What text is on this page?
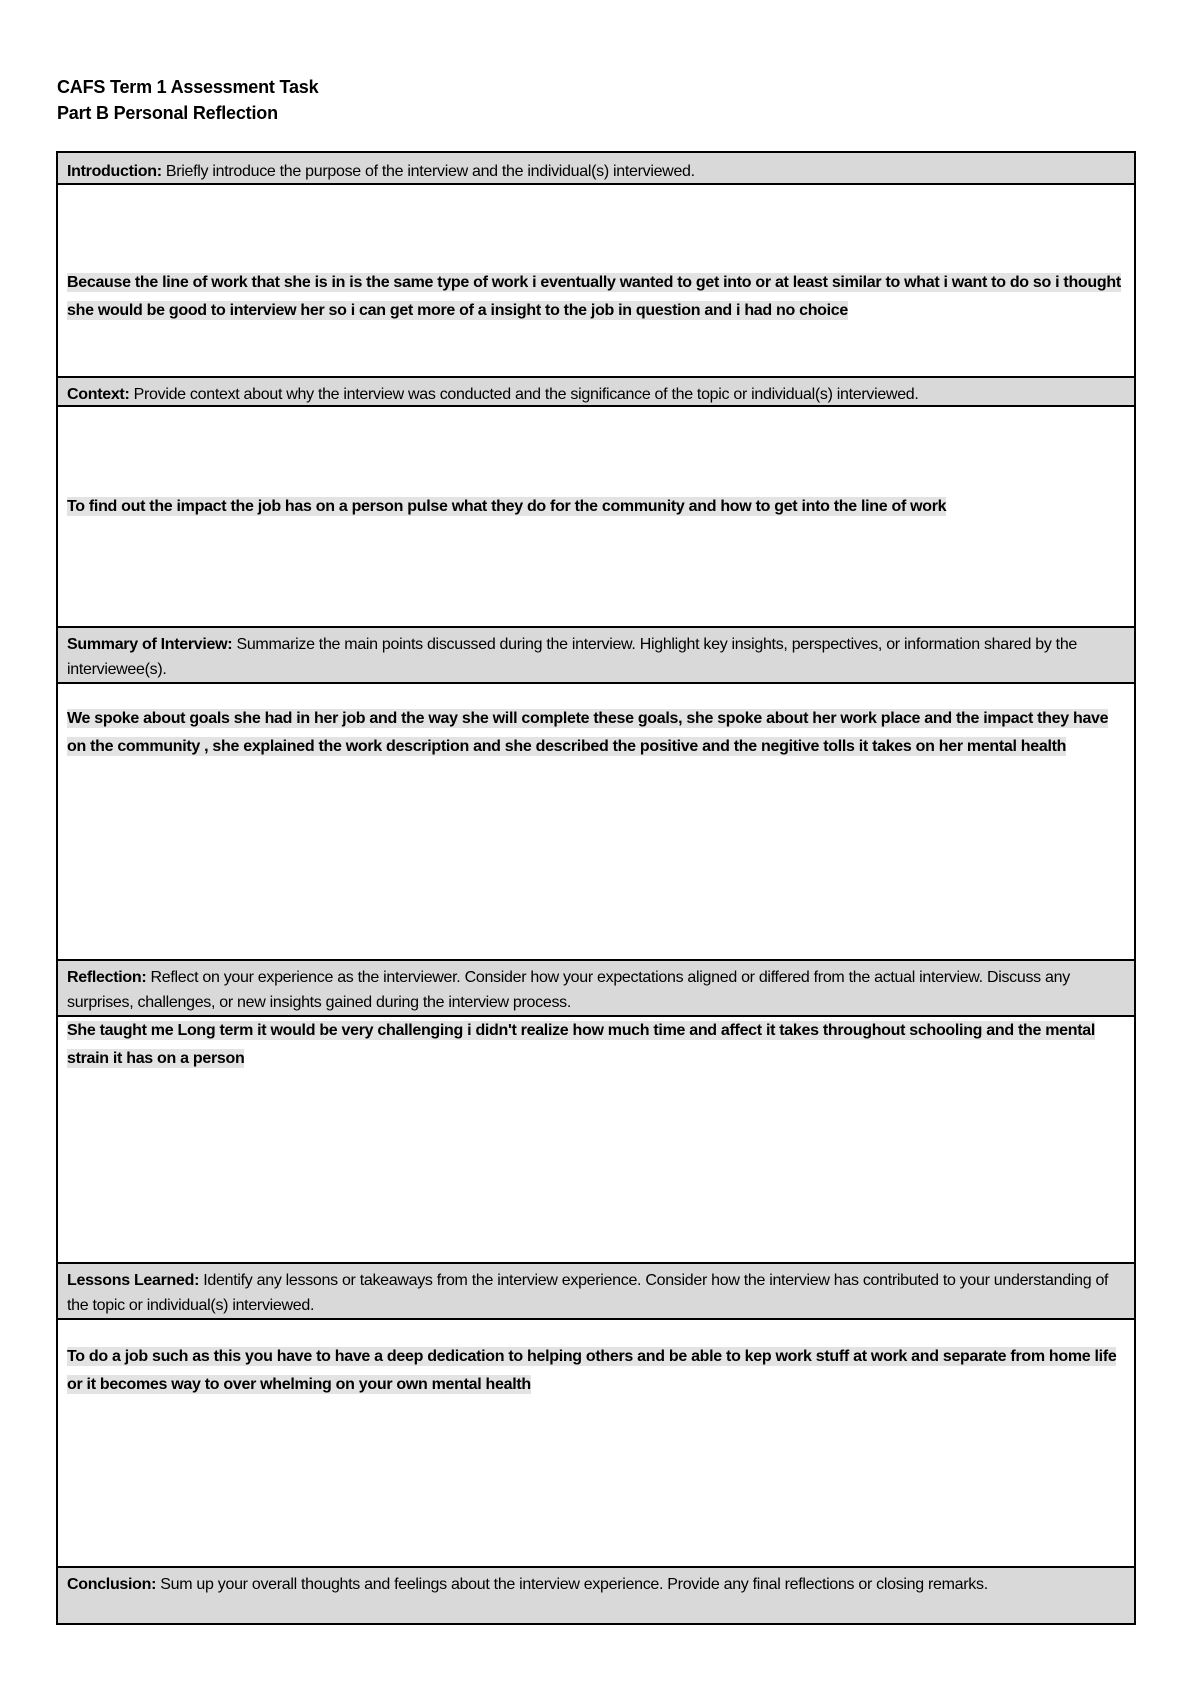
CAFS Term 1 Assessment Task
Part B Personal Reflection
Introduction: Briefly introduce the purpose of the interview and the individual(s) interviewed.
Because the line of work that she is in is the same type of work i eventually wanted to get into or at least similar to what i want to do so i thought she would be good to interview her so i can get more of a insight to the job in question and i had no choice
Context: Provide context about why the interview was conducted and the significance of the topic or individual(s) interviewed.
To find out the impact the job has on a person pulse what they do for the community and how to get into the line of work
Summary of Interview: Summarize the main points discussed during the interview. Highlight key insights, perspectives, or information shared by the interviewee(s).
We spoke about goals she had in her job and the way she will complete these goals, she spoke about her work place and the impact they have on the community , she explained the work description and she described the positive and the negitive tolls it takes on her mental health
Reflection: Reflect on your experience as the interviewer. Consider how your expectations aligned or differed from the actual interview. Discuss any surprises, challenges, or new insights gained during the interview process.
She taught me Long term it would be very challenging i didn't realize how much time and affect it takes throughout schooling and the mental strain it has on a person
Lessons Learned: Identify any lessons or takeaways from the interview experience. Consider how the interview has contributed to your understanding of the topic or individual(s) interviewed.
To do a job such as this you have to have a deep dedication to helping others and be able to kep work stuff at work and separate from home life or it becomes way to over whelming on your own mental health
Conclusion: Sum up your overall thoughts and feelings about the interview experience. Provide any final reflections or closing remarks.
